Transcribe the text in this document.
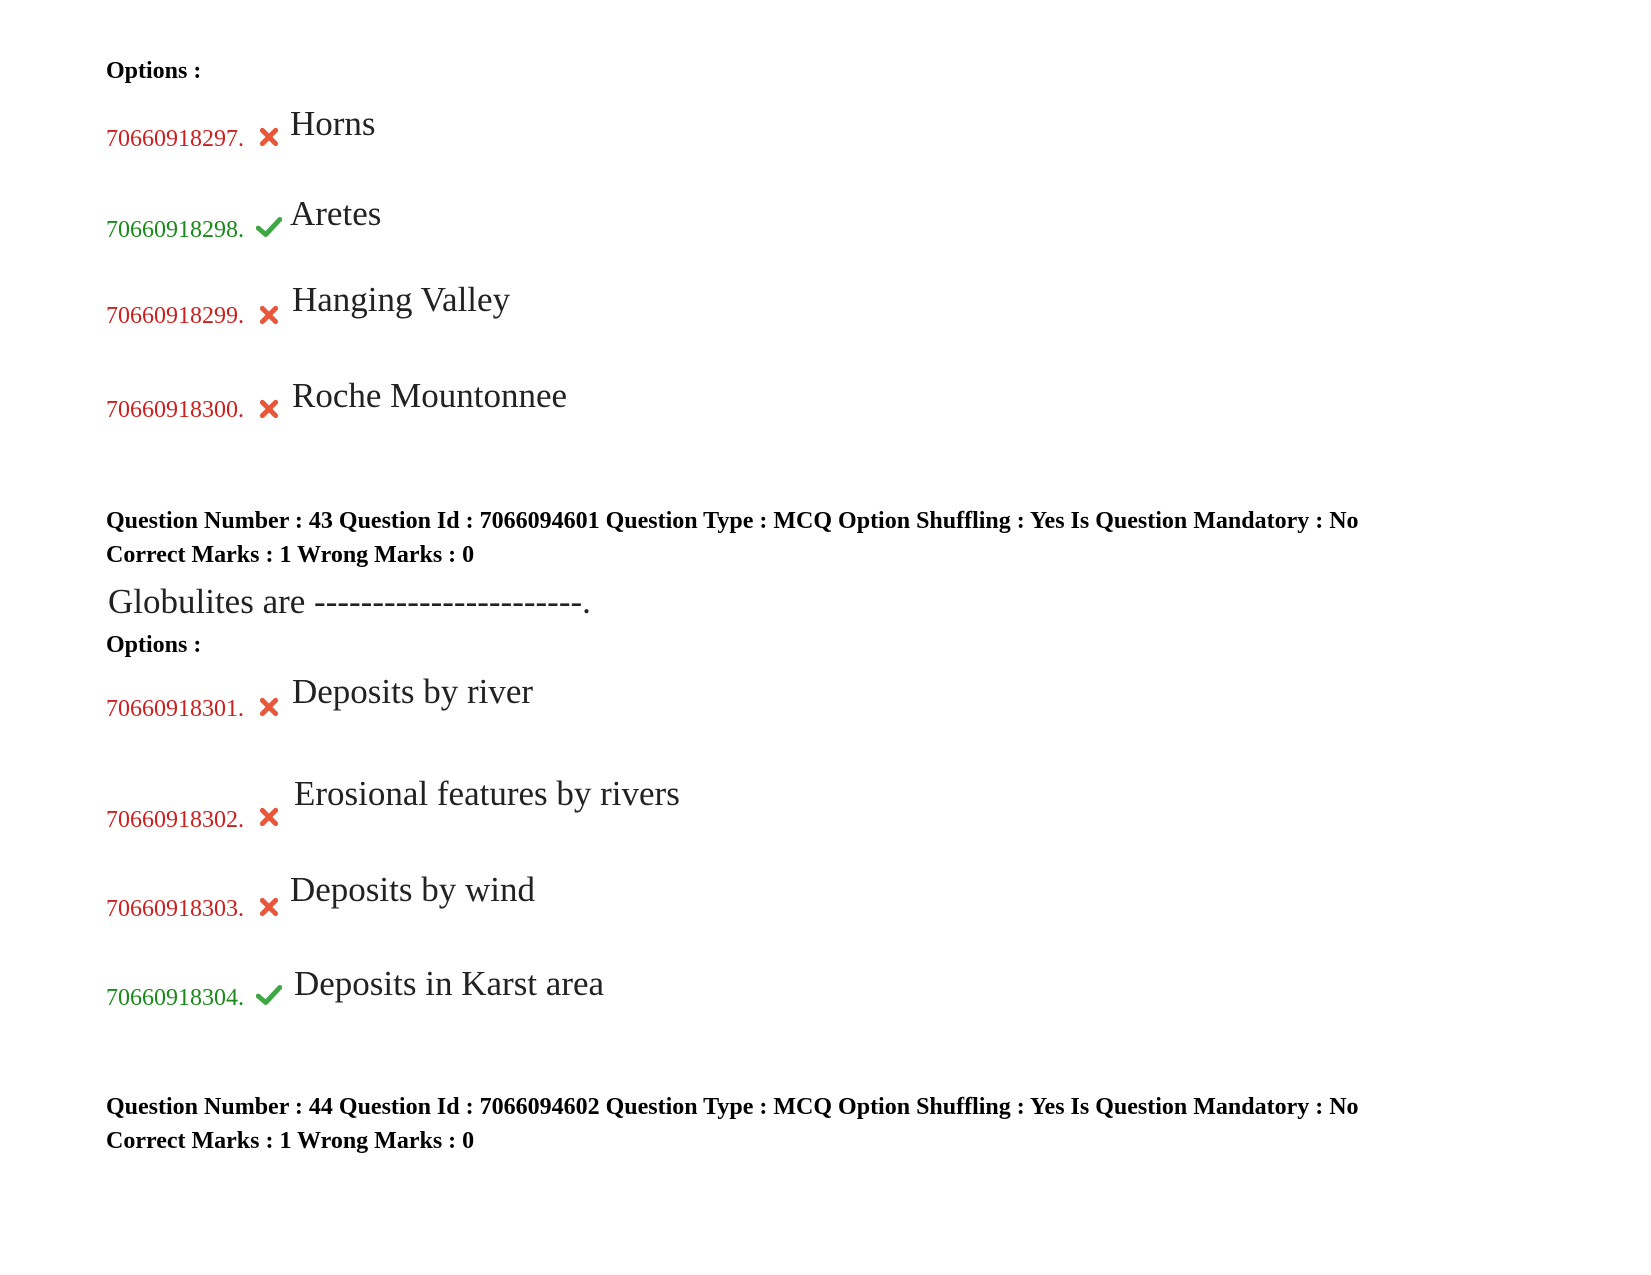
Options :
70660918297. Horns
70660918298. Aretes
70660918299. Hanging Valley
70660918300. Roche Mountonnee
Question Number : 43 Question Id : 7066094601 Question Type : MCQ Option Shuffling : Yes Is Question Mandatory : No
Correct Marks : 1 Wrong Marks : 0
Globulites are -----------------------.
Options :
70660918301. Deposits by river
70660918302.
Erosional features by rivers
70660918303. Deposits by wind
70660918304. Deposits in Karst area
Question Number : 44 Question Id : 7066094602 Question Type : MCQ Option Shuffling : Yes Is Question Mandatory : No
Correct Marks : 1 Wrong Marks : 0
